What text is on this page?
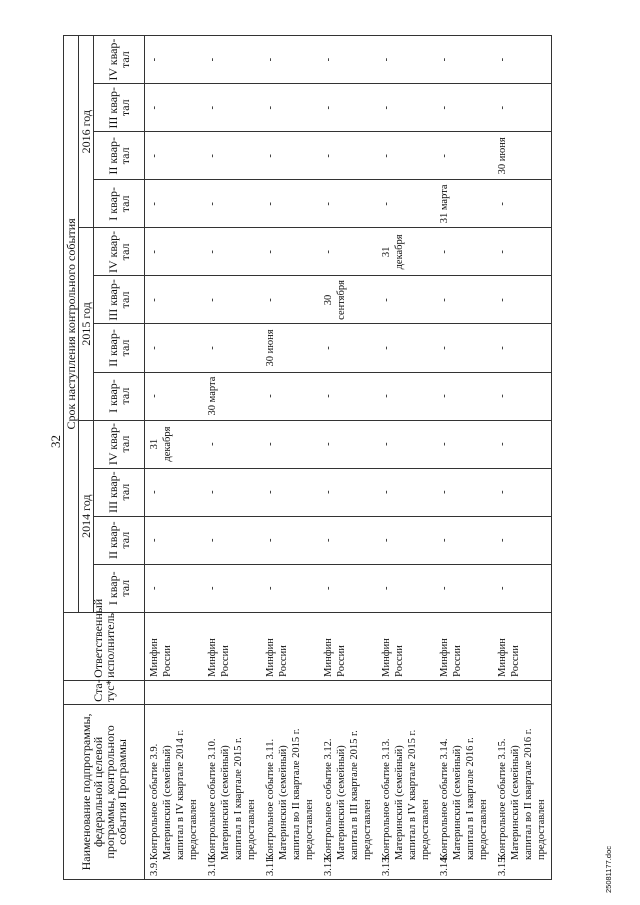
32
25081177.doc
Наименование подпрограммы, федеральной целевой программы, контрольного события Программы	Ста-тус*	Ответственный исполнитель	Срок наступления контрольного события											
			2014 год				2015 год				2016 год			
			I квар-тал	II квар-тал	III квар-тал	IV квар-тал	I квар-тал	II квар-тал	III квар-тал	IV квар-тал	I квар-тал	II квар-тал	III квар-тал	IV квар-тал

3.9.
Контрольное событие 3.9. Материнский (семейный) капитал в IV квартале 2014 г. предоставлен		Минфин России	-	-	-	31 декабря	-	-	-	-	-	-	-	-

3.10.
Контрольное событие 3.10. Материнский (семейный) капитал в I квартале 2015 г. предоставлен		Минфин России	-	-	-	-	30 марта	-	-	-	-	-	-	-

3.11.
Контрольное событие 3.11. Материнский (семейный) капитал во II квартале 2015 г. предоставлен		Минфин России	-	-	-	-	-	30 июня	-	-	-	-	-	-

3.12.
Контрольное событие 3.12. Материнский (семейный) капитал в III квартале 2015 г. предоставлен		Минфин России	-	-	-	-	-	-	30 сентября	-	-	-	-	-

3.13.
Контрольное событие 3.13. Материнский (семейный) капитал в IV квартале 2015 г. предоставлен		Минфин России	-	-	-	-	-	-	-	31 декабря	-	-	-	-

3.14.
Контрольное событие 3.14. Материнский (семейный) капитал в I квартале 2016 г. предоставлен		Минфин России	-	-	-	-	-	-	-	-	31 марта	-	-	-

3.15.
Контрольное событие 3.15. Материнский (семейный) капитал во II квартале 2016 г. предоставлен		Минфин России	-	-	-	-	-	-	-	-	-	30 июня	-	-
